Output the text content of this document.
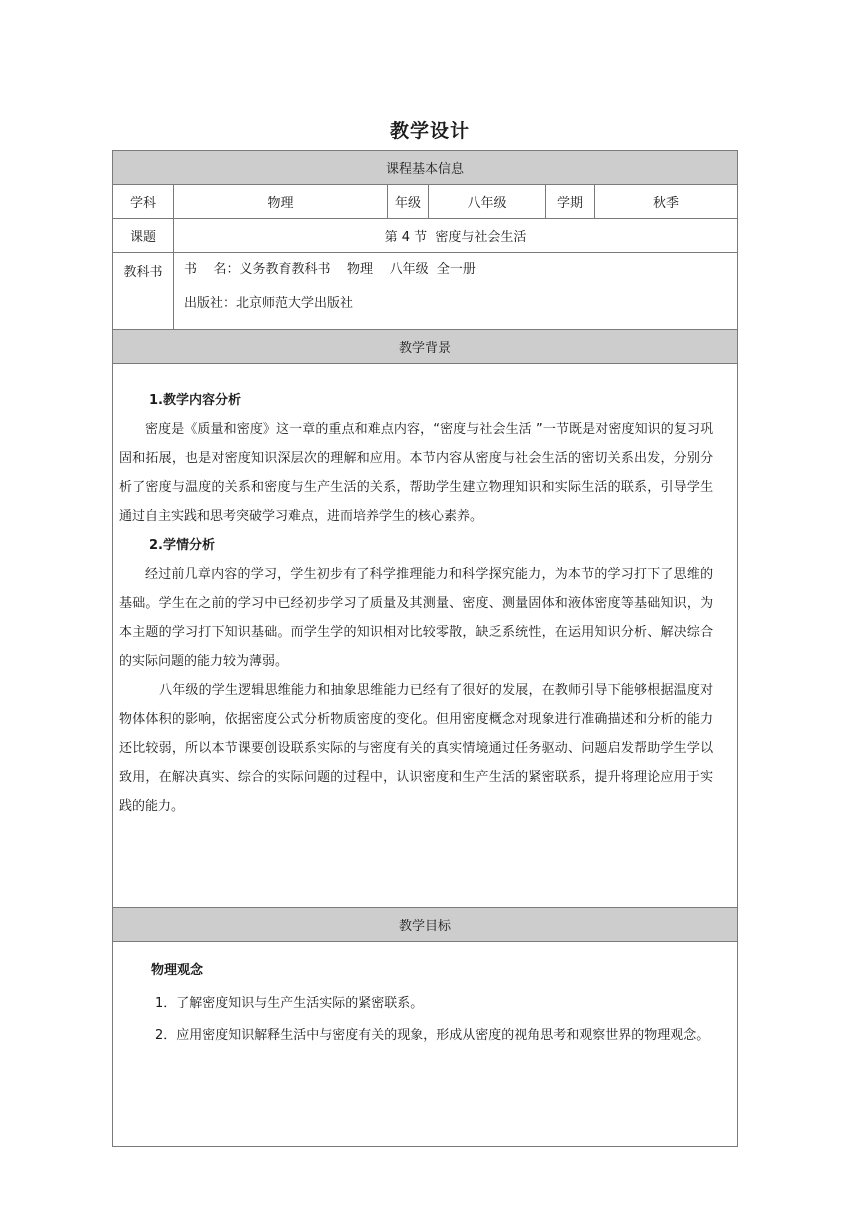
教学设计
课程基本信息					
学科	物理	年级	八年级	学期	秋季
课题	第 4 节  密度与社会生活				
教科书	书    名：义务教育教科书    物理    八年级  全一册
出版社：北京师范大学出版社				

教学背景					

1.教学内容分析

密度是《质量和密度》这一章的重点和难点内容，“密度与社会生活 ”一节既是对密度知识的复习巩固和拓展，也是对密度知识深层次的理解和应用。本节内容从密度与社会生活的密切关系出发，分别分析了密度与温度的关系和密度与生产生活的关系，帮助学生建立物理知识和实际生活的联系，引导学生通过自主实践和思考突破学习难点，进而培养学生的核心素养。

2.学情分析

经过前几章内容的学习，学生初步有了科学推理能力和科学探究能力，为本节的学习打下了思维的基础。学生在之前的学习中已经初步学习了质量及其测量、密度、测量固体和液体密度等基础知识，为本主题的学习打下知识基础。而学生学的知识相对比较零散，缺乏系统性，在运用知识分析、解决综合的实际问题的能力较为薄弱。

八年级的学生逻辑思维能力和抽象思维能力已经有了很好的发展，在教师引导下能够根据温度对物体体积的影响，依据密度公式分析物质密度的变化。但用密度概念对现象进行准确描述和分析的能力还比较弱，所以本节课要创设联系实际的与密度有关的真实情境通过任务驱动、问题启发帮助学生学以致用，在解决真实、综合的实际问题的过程中，认识密度和生产生活的紧密联系，提升将理论应用于实践的能力。					

教学目标					

物理观念

1．了解密度知识与生产生活实际的紧密联系。

2．应用密度知识解释生活中与密度有关的现象，形成从密度的视角思考和观察世界的物理观念。					
